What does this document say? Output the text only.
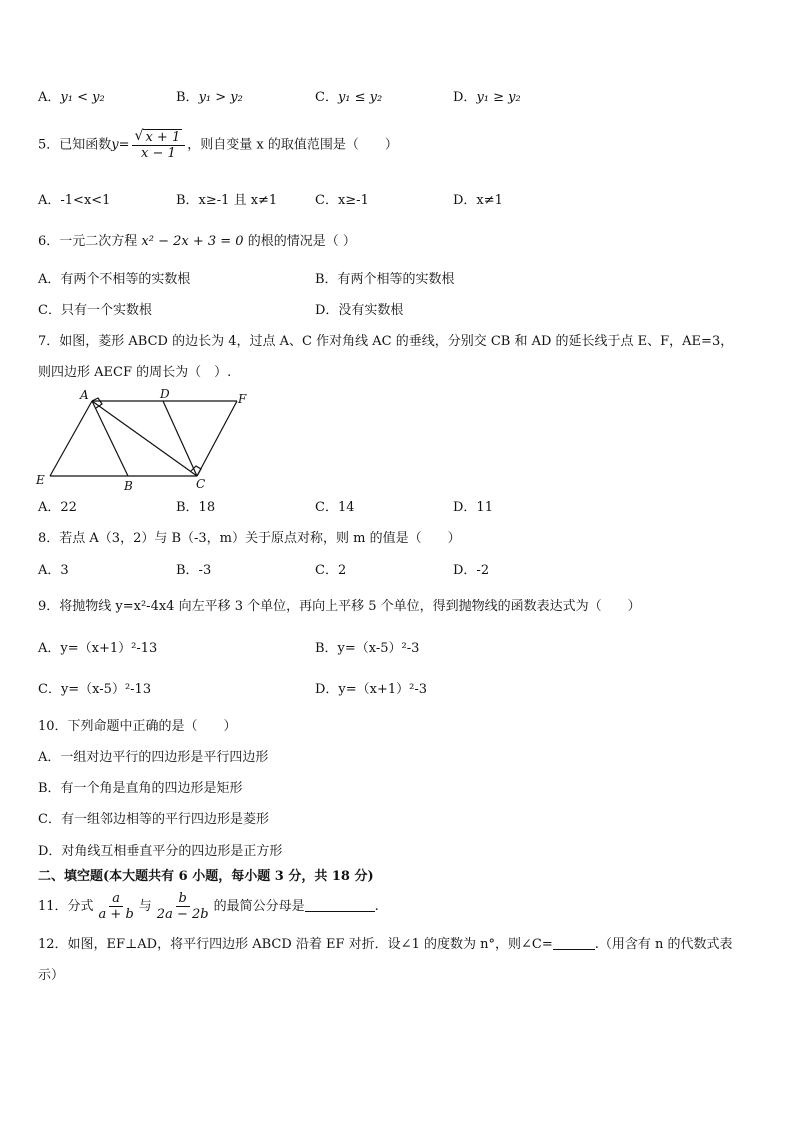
A．y₁ < y₂	B．y₁ > y₂	C．y₁ ≤ y₂	D．y₁ ≥ y₂
5．已知函数$y= \frac{√ x + 1}{x - 1}$ ，则自变量 x 的取值范围是（　　）
A．-1<x<1	B．x≥-1 且 x≠1	C．x≥-1	D．x≠1
6．一元二次方程 x² − 2x + 3 = 0 的根的情况是（ ）
A．有两个不相等的实数根	B．有两个相等的实数根
C．只有一个实数根	D．没有实数根
7．如图，菱形 ABCD 的边长为 4，过点 A、C 作对角线 AC 的垂线，分别交 CB 和 AD 的延长线于点 E、F，AE=3，
则四边形 AECF 的周长为（　）.
A	D	F
E	B	C
A．22	B．18	C．14	D．11
8．若点 A（3，2）与 B（-3，m）关于原点对称，则 m 的值是（　　）
A．3	B．-3	C．2	D．-2
9．将抛物线 y=x²-4x4 向左平移 3 个单位，再向上平移 5 个单位，得到抛物线的函数表达式为（　　）
A．y=（x+1）²-13	B．y=（x-5）²-3
C．y=（x-5）²-13	D．y=（x+1）²-3
10．下列命题中正确的是（　　）
A．一组对边平行的四边形是平行四边形
B．有一个角是直角的四边形是矩形
C．有一组邻边相等的平行四边形是菱形
D．对角线互相垂直平分的四边形是正方形
二、填空题(本大题共有 6 小题，每小题 3 分，共 18 分)
11．分式 $\frac{a}{a + b}$ 与 $\frac{b}{2a - 2b}$ 的最简公分母是	.
12．如图，EF⊥AD，将平行四边形 ABCD 沿着 EF 对折．设∠1 的度数为 n°，则∠C=	.（用含有 n 的代数式表
示）
